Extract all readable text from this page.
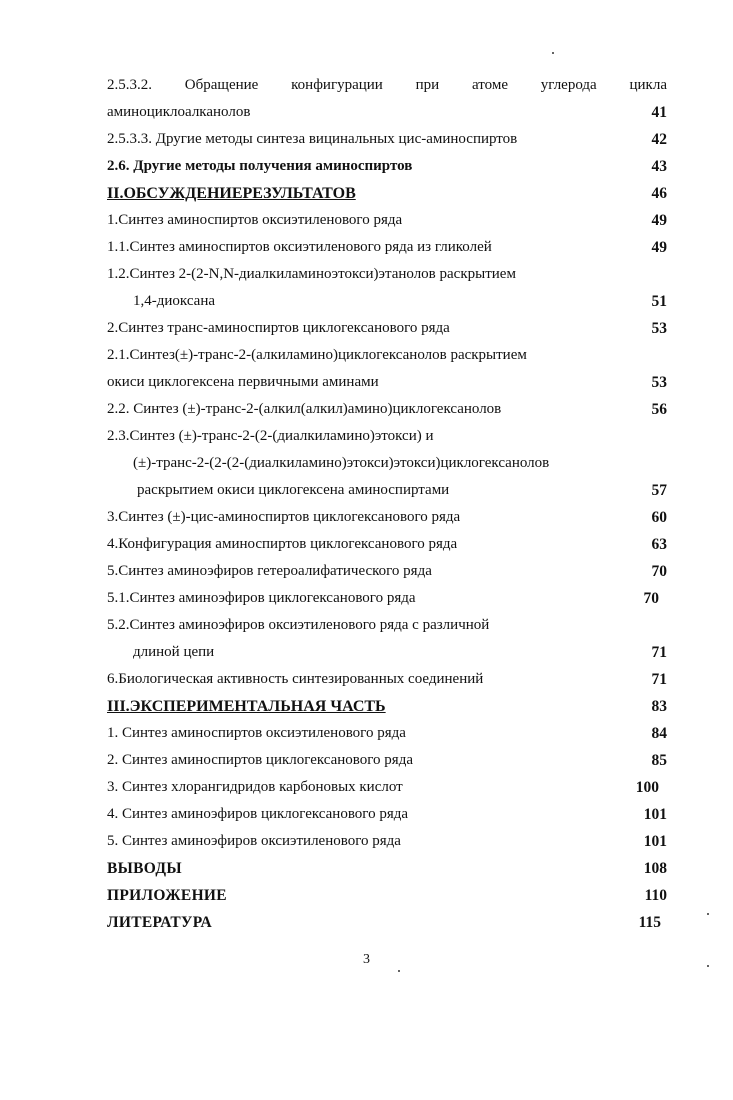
2.5.3.2. Обращение конфигурации при атоме углерода цикла
аминоциклоалканолов	41
2.5.3.3. Другие методы синтеза вицинальных цис-аминоспиртов	42
2.6. Другие методы получения аминоспиртов	43
II.ОБСУЖДЕНИЕРЕЗУЛЬТАТОВ	46
1.Синтез аминоспиртов оксиэтиленового ряда	49
1.1.Синтез аминоспиртов оксиэтиленового ряда из гликолей	49
1.2.Синтез 2-(2-N,N-диалкиламиноэтокси)этанолов раскрытием
1,4-диоксана	51
2.Синтез транс-аминоспиртов циклогексанового ряда	53
2.1.Синтез(±)-транс-2-(алкиламино)циклогексанолов раскрытием
окиси циклогексена первичными аминами	53
2.2. Синтез (±)-транс-2-(алкил(алкил)амино)циклогексанолов	56
2.3.Синтез (±)-транс-2-(2-(диалкиламино)этокси) и
(±)-транс-2-(2-(2-(диалкиламино)этокси)этокси)циклогексанолов
раскрытием окиси циклогексена аминоспиртами	57
3.Синтез (±)-цис-аминоспиртов циклогексанового ряда	60
4.Конфигурация аминоспиртов циклогексанового ряда	63
5.Синтез аминоэфиров гетероалифатического ряда	70
5.1.Синтез аминоэфиров циклогексанового ряда	70
5.2.Синтез аминоэфиров оксиэтиленового ряда с различной
длиной цепи	71
6.Биологическая активность синтезированных соединений	71
III.ЭКСПЕРИМЕНТАЛЬНАЯ ЧАСТЬ	83
1. Синтез аминоспиртов оксиэтиленового ряда	84
2. Синтез аминоспиртов циклогексанового ряда	85
3. Синтез хлорангидридов карбоновых кислот	100
4. Синтез аминоэфиров циклогексанового ряда	101
5. Синтез аминоэфиров оксиэтиленового ряда	101
ВЫВОДЫ	108
ПРИЛОЖЕНИЕ	110
ЛИТЕРАТУРА	115
3
